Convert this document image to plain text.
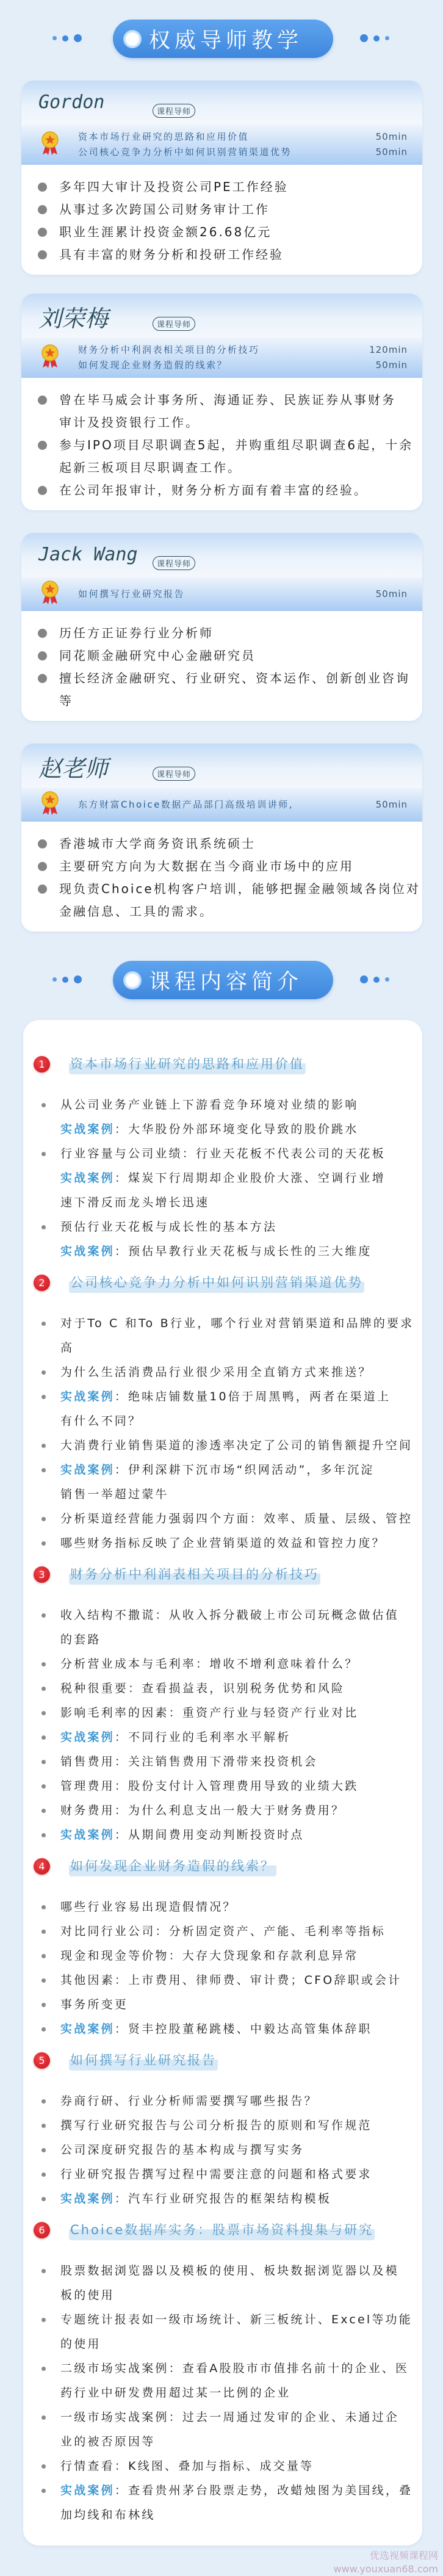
权威导师教学
Gordon	课程导师
资本市场行业研究的思路和应用价值	50min
公司核心竞争力分析中如何识别营销渠道优势	50min
多年四大审计及投资公司PE工作经验
从事过多次跨国公司财务审计工作
职业生涯累计投资金额26.68亿元
具有丰富的财务分析和投研工作经验
刘荣梅	课程导师
财务分析中利润表相关项目的分析技巧	120min
如何发现企业财务造假的线索？	50min
曾在毕马威会计事务所、海通证券、民族证券从事财务
审计及投资银行工作。
参与IPO项目尽职调查5起，并购重组尽职调查6起，十余
起新三板项目尽职调查工作。
在公司年报审计，财务分析方面有着丰富的经验。
Jack Wang	课程导师
如何撰写行业研究报告	50min
历任方正证券行业分析师
同花顺金融研究中心金融研究员
擅长经济金融研究、行业研究、资本运作、创新创业咨询等
赵老师	课程导师
东方财富Choice数据产品部门高级培训讲师,	50min
香港城市大学商务资讯系统硕士
主要研究方向为大数据在当今商业市场中的应用
现负责Choice机构客户培训，能够把握金融领域各岗位对
金融信息、工具的需求。
课程内容简介
1	资本市场行业研究的思路和应用价值
从公司业务产业链上下游看竞争环境对业绩的影响
实战案例：大华股份外部环境变化导致的股价跳水
行业容量与公司业绩：行业天花板不代表公司的天花板
实战案例：煤炭下行周期却企业股价大涨、空调行业增
速下滑反而龙头增长迅速
预估行业天花板与成长性的基本方法
实战案例：预估早教行业天花板与成长性的三大维度
2	公司核心竞争力分析中如何识别营销渠道优势
对于To C 和To B行业，哪个行业对营销渠道和品牌的要求高
为什么生活消费品行业很少采用全直销方式来推送？
实战案例：绝味店铺数量10倍于周黑鸭，两者在渠道上
有什么不同？
大消费行业销售渠道的渗透率决定了公司的销售额提升空间
实战案例：伊利深耕下沉市场“织网活动”，多年沉淀
销售一举超过蒙牛
分析渠道经营能力强弱四个方面：效率、质量、层级、管控
哪些财务指标反映了企业营销渠道的效益和管控力度？
3	财务分析中利润表相关项目的分析技巧
收入结构不撒谎：从收入拆分戳破上市公司玩概念做估值
的套路
分析营业成本与毛利率：增收不增利意味着什么？
税种很重要：查看损益表，识别税务优势和风险
影响毛利率的因素：重资产行业与轻资产行业对比
实战案例：不同行业的毛利率水平解析
销售费用：关注销售费用下滑带来投资机会
管理费用：股份支付计入管理费用导致的业绩大跌
财务费用：为什么利息支出一般大于财务费用？
实战案例：从期间费用变动判断投资时点
4	如何发现企业财务造假的线索？
哪些行业容易出现造假情况？
对比同行业公司：分析固定资产、产能、毛利率等指标
现金和现金等价物：大存大贷现象和存款利息异常
其他因素：上市费用、律师费、审计费；CFO辞职或会计
事务所变更
实战案例：贤丰控股董秘跳楼、中毅达高管集体辞职
5	如何撰写行业研究报告
券商行研、行业分析师需要撰写哪些报告？
撰写行业研究报告与公司分析报告的原则和写作规范
公司深度研究报告的基本构成与撰写实务
行业研究报告撰写过程中需要注意的问题和格式要求
实战案例：汽车行业研究报告的框架结构模板
6	Choice数据库实务：股票市场资料搜集与研究
股票数据浏览器以及模板的使用、板块数据浏览器以及模
板的使用
专题统计报表如一级市场统计、新三板统计、Excel等功能
的使用
二级市场实战案例：查看A股股市市值排名前十的企业、医
药行业中研发费用超过某一比例的企业
一级市场实战案例：过去一周通过发审的企业、未通过企
业的被否原因等
行情查看：K线图、叠加与指标、成交量等
实战案例：查看贵州茅台股票走势，改蜡烛图为美国线，叠
加均线和布林线
优选视频课程网
www.youxuan68.com
